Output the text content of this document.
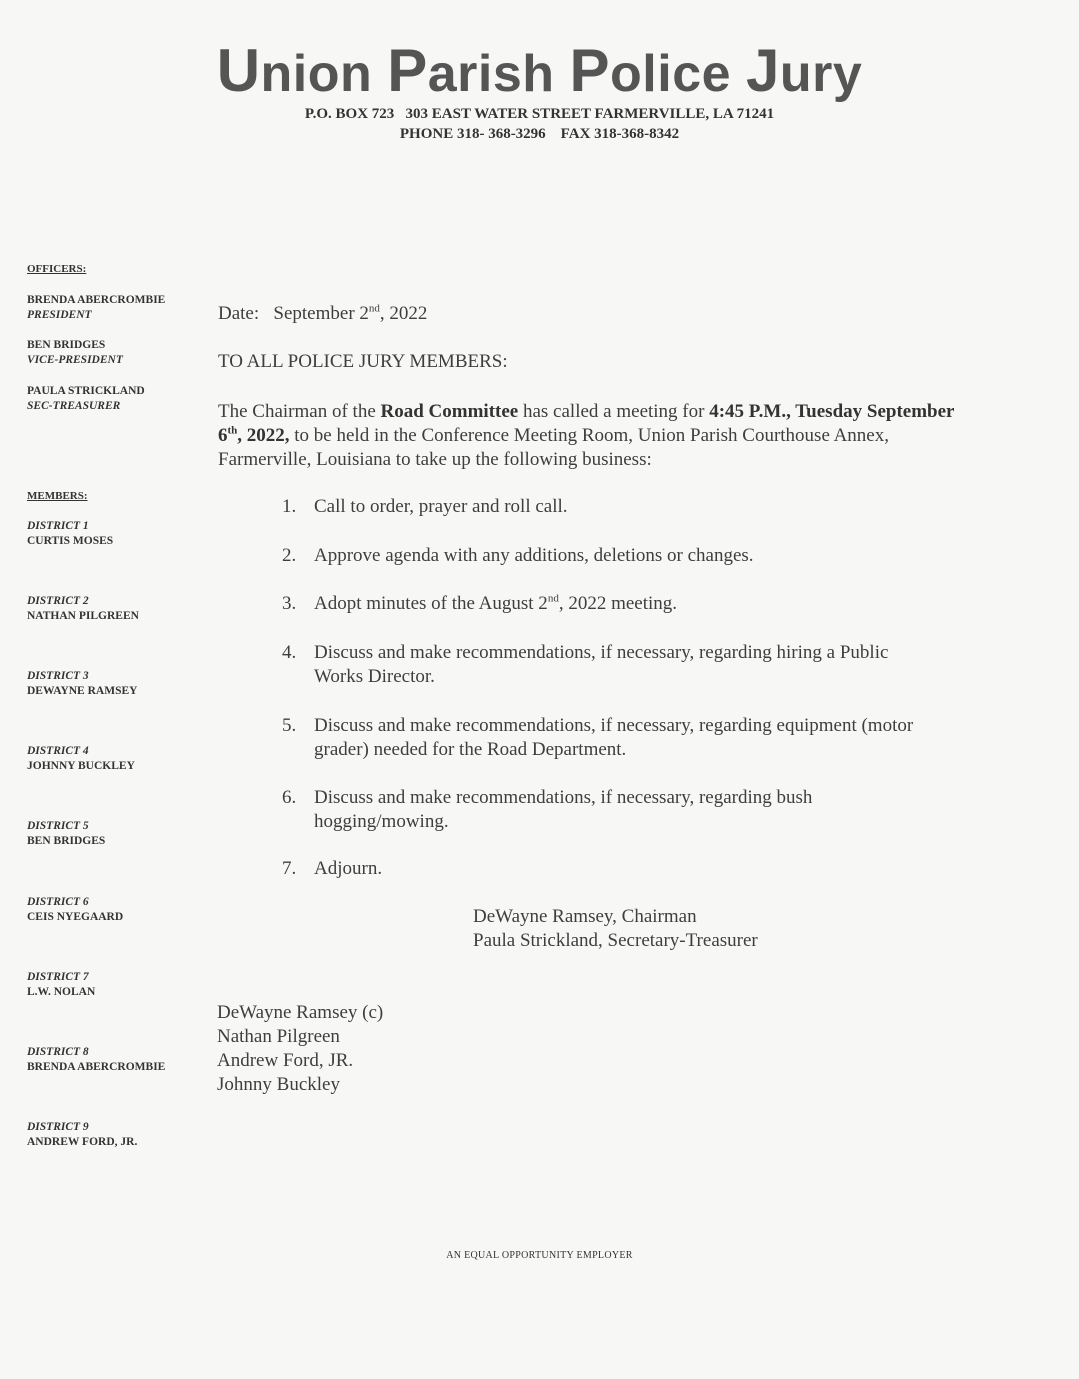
Union Parish Police Jury
P.O. BOX 723   303 EAST WATER STREET FARMERVILLE, LA 71241
PHONE 318- 368-3296    FAX 318-368-8342
OFFICERS:
BRENDA ABERCROMBIE
PRESIDENT
BEN BRIDGES
VICE-PRESIDENT
PAULA STRICKLAND
SEC-TREASURER
MEMBERS:
DISTRICT 1
CURTIS MOSES
DISTRICT 2
NATHAN PILGREEN
DISTRICT 3
DEWAYNE RAMSEY
DISTRICT 4
JOHNNY BUCKLEY
DISTRICT 5
BEN BRIDGES
DISTRICT 6
CEIS NYEGAARD
DISTRICT 7
L.W. NOLAN
DISTRICT 8
BRENDA ABERCROMBIE
DISTRICT 9
ANDREW FORD, JR.
Date: September 2nd, 2022
TO ALL POLICE JURY MEMBERS:
The Chairman of the Road Committee has called a meeting for 4:45 P.M., Tuesday September 6th, 2022, to be held in the Conference Meeting Room, Union Parish Courthouse Annex, Farmerville, Louisiana to take up the following business:
1. Call to order, prayer and roll call.
2. Approve agenda with any additions, deletions or changes.
3. Adopt minutes of the August 2nd, 2022 meeting.
4. Discuss and make recommendations, if necessary, regarding hiring a Public Works Director.
5. Discuss and make recommendations, if necessary, regarding equipment (motor grader) needed for the Road Department.
6. Discuss and make recommendations, if necessary, regarding bush hogging/mowing.
7. Adjourn.
DeWayne Ramsey, Chairman
Paula Strickland, Secretary-Treasurer
DeWayne Ramsey (c)
Nathan Pilgreen
Andrew Ford, JR.
Johnny Buckley
AN EQUAL OPPORTUNITY EMPLOYER
